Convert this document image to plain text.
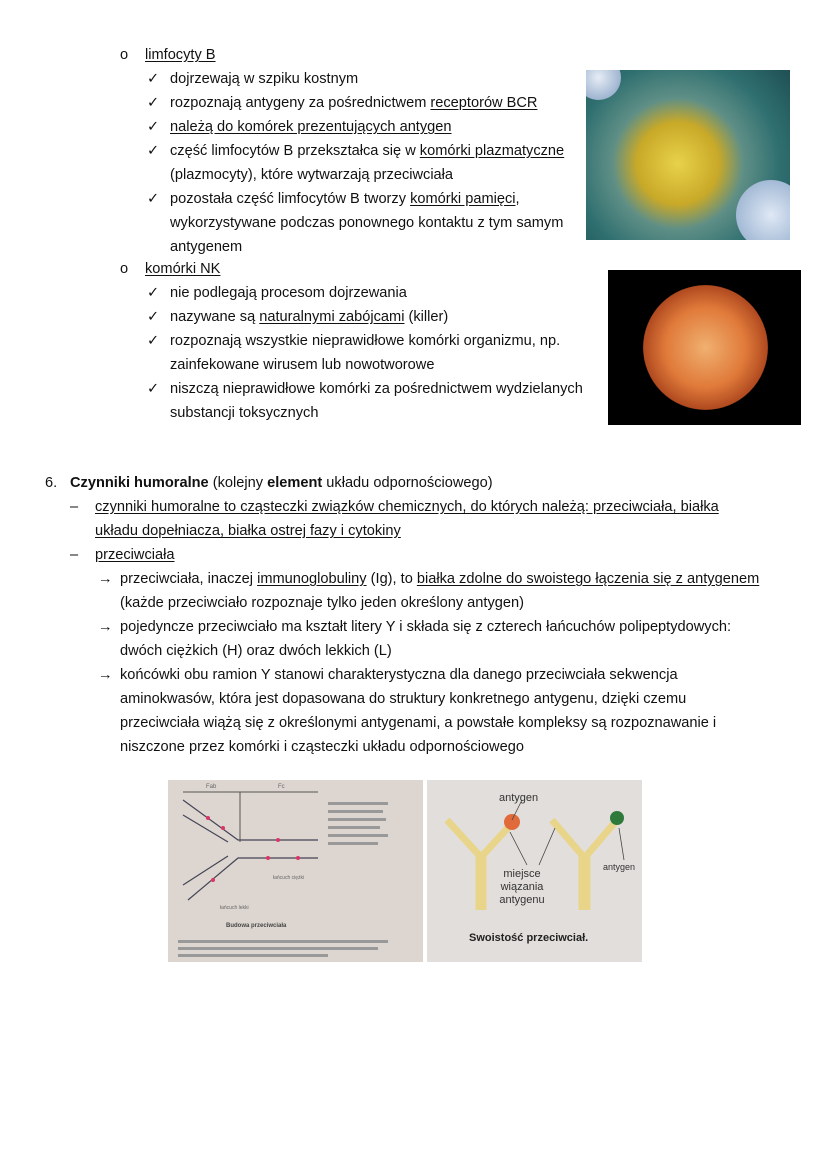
o limfocyty B
✓ dojrzewają w szpiku kostnym
✓ rozpoznają antygeny za pośrednictwem receptorów BCR
✓ należą do komórek prezentujących antygen
✓ część limfocytów B przekształca się w komórki plazmatyczne
(plazmocyty), które wytwarzają przeciwciała
✓ pozostała część limfocytów B tworzy komórki pamięci,
wykorzystywane podczas ponownego kontaktu z tym samym
antygenem
o komórki NK
✓ nie podlegają procesom dojrzewania
✓ nazywane są naturalnymi zabójcami (killer)
✓ rozpoznają wszystkie nieprawidłowe komórki organizmu, np.
zainfekowane wirusem lub nowotworowe
✓ niszczą nieprawidłowe komórki za pośrednictwem wydzielanych
substancji toksycznych
6. Czynniki humoralne (kolejny element układu odpornościowego)
– czynniki humoralne to cząsteczki związków chemicznych, do których należą: przeciwciała, białka
układu dopełniacza, białka ostrej fazy i cytokiny
– przeciwciała
→ przeciwciała, inaczej immunoglobuliny (Ig), to białka zdolne do swoistego łączenia się z antygenem
(każde przeciwciało rozpoznaje tylko jeden określony antygen)
→ pojedyncze przeciwciało ma kształt litery Y i składa się z czterech łańcuchów polipeptydowych:
dwóch ciężkich (H) oraz dwóch lekkich (L)
→ końcówki obu ramion Y stanowi charakterystyczna dla danego przeciwciała sekwencja
aminokwasów, która jest dopasowana do struktury konkretnego antygenu, dzięki czemu
przeciwciała wiążą się z określonymi antygenami, a powstałe kompleksy są rozpoznawanie i
niszczone przez komórki i cząsteczki układu odpornościowego
Fab	Fc
łańcuch ciężki
łańcuch lekki
Budowa przeciwciała
antygen
antygen
miejsce
wiązania
antygenu
Swoistość przeciwciał.
